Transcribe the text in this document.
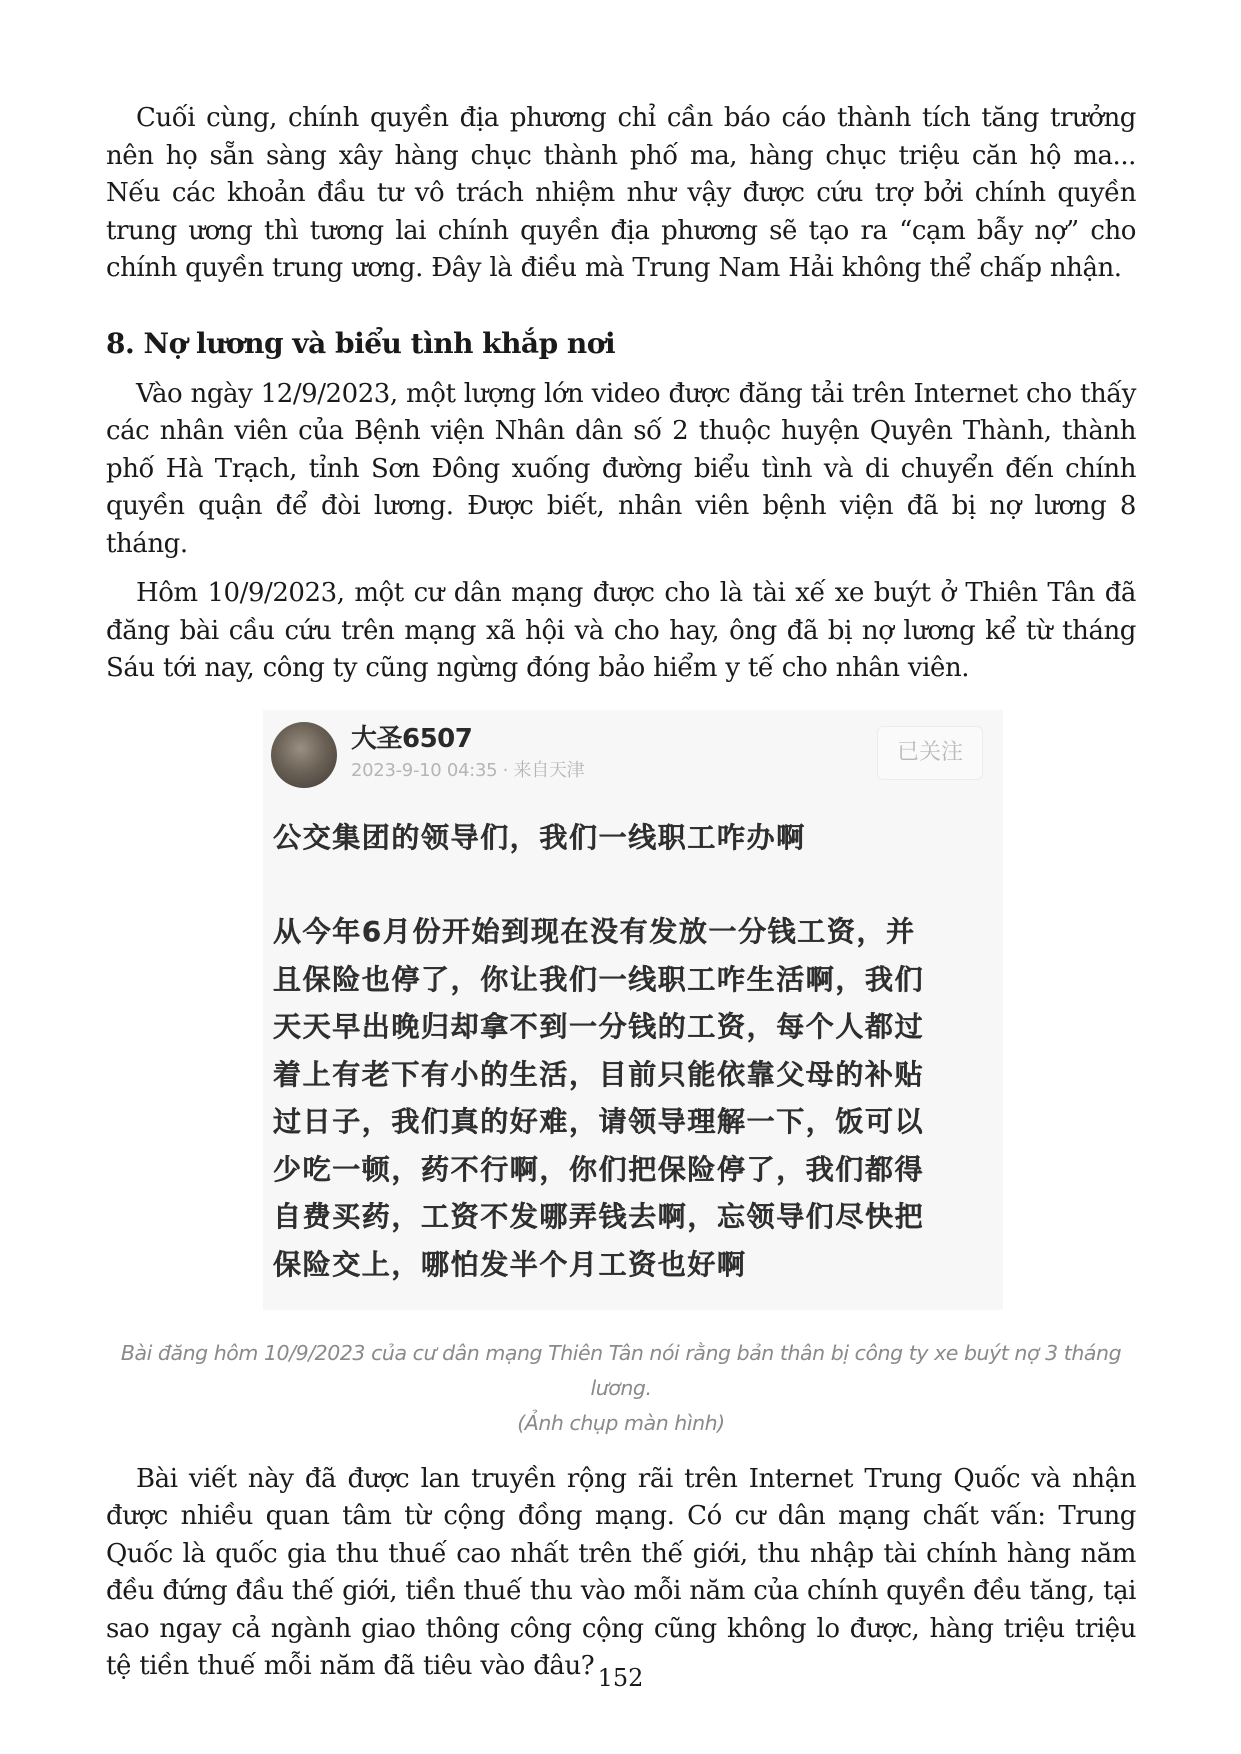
Cuối cùng, chính quyền địa phương chỉ cần báo cáo thành tích tăng trưởng nên họ sẵn sàng xây hàng chục thành phố ma, hàng chục triệu căn hộ ma... Nếu các khoản đầu tư vô trách nhiệm như vậy được cứu trợ bởi chính quyền trung ương thì tương lai chính quyền địa phương sẽ tạo ra “cạm bẫy nợ” cho chính quyền trung ương. Đây là điều mà Trung Nam Hải không thể chấp nhận.

8. Nợ lương và biểu tình khắp nơi

Vào ngày 12/9/2023, một lượng lớn video được đăng tải trên Internet cho thấy các nhân viên của Bệnh viện Nhân dân số 2 thuộc huyện Quyên Thành, thành phố Hà Trạch, tỉnh Sơn Đông xuống đường biểu tình và di chuyển đến chính quyền quận để đòi lương. Được biết, nhân viên bệnh viện đã bị nợ lương 8 tháng.

Hôm 10/9/2023, một cư dân mạng được cho là tài xế xe buýt ở Thiên Tân đã đăng bài cầu cứu trên mạng xã hội và cho hay, ông đã bị nợ lương kể từ tháng Sáu tới nay, công ty cũng ngừng đóng bảo hiểm y tế cho nhân viên.

大圣6507
2023-9-10 04:35 · 来自天津
已关注
公交集团的领导们，我们一线职工咋办啊
从今年6月份开始到现在没有发放一分钱工资，并
且保险也停了，你让我们一线职工咋生活啊，我们
天天早出晚归却拿不到一分钱的工资，每个人都过
着上有老下有小的生活，目前只能依靠父母的补贴
过日子，我们真的好难，请领导理解一下，饭可以
少吃一顿，药不行啊，你们把保险停了，我们都得
自费买药，工资不发哪弄钱去啊，忘领导们尽快把
保险交上，哪怕发半个月工资也好啊
Bài đăng hôm 10/9/2023 của cư dân mạng Thiên Tân nói rằng bản thân bị công ty xe buýt nợ 3 tháng lương.
(Ảnh chụp màn hình)

Bài viết này đã được lan truyền rộng rãi trên Internet Trung Quốc và nhận được nhiều quan tâm từ cộng đồng mạng. Có cư dân mạng chất vấn: Trung Quốc là quốc gia thu thuế cao nhất trên thế giới, thu nhập tài chính hàng năm đều đứng đầu thế giới, tiền thuế thu vào mỗi năm của chính quyền đều tăng, tại sao ngay cả ngành giao thông công cộng cũng không lo được, hàng triệu triệu tệ tiền thuế mỗi năm đã tiêu vào đâu? 152
